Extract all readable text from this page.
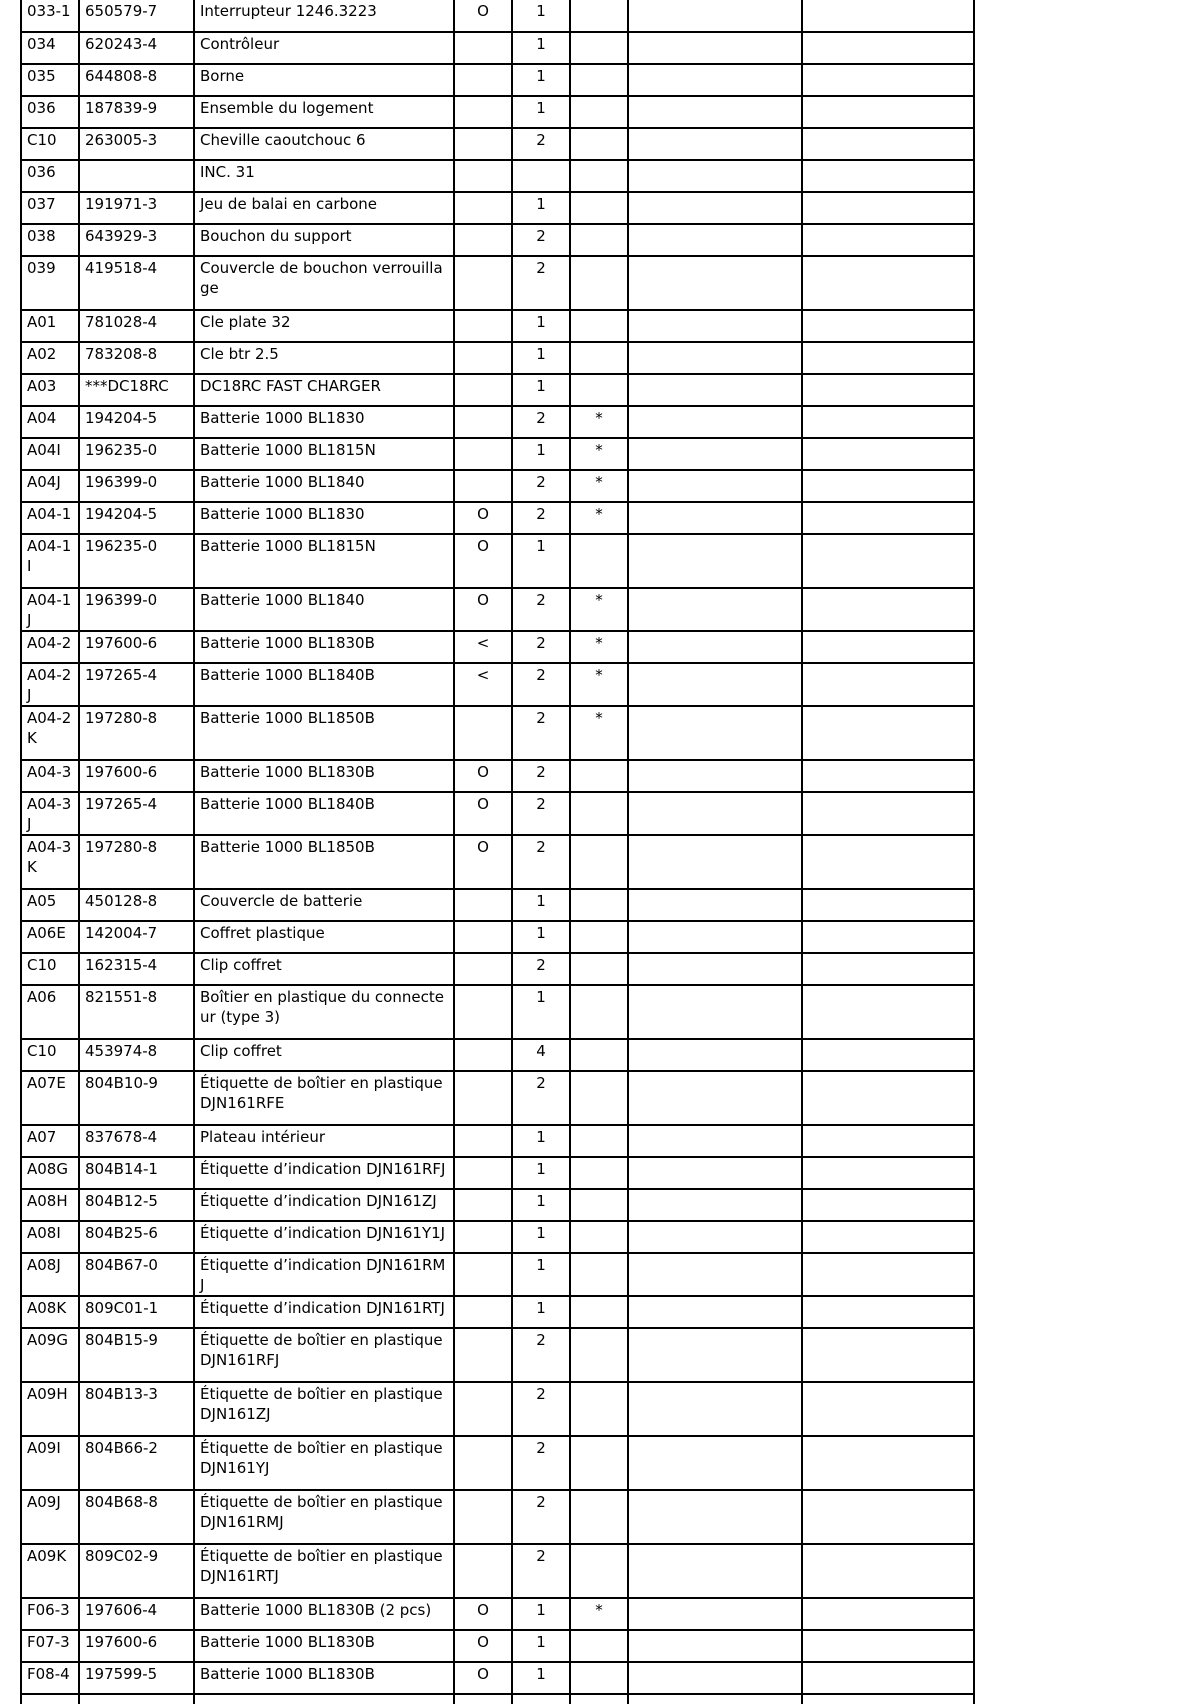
033-1	650579-7	Interrupteur 1246.3223	O	1			
034	620243-4	Contrôleur		1			
035	644808-8	Borne		1			
036	187839-9	Ensemble du logement		1			
C10	263005-3	Cheville caoutchouc 6		2			
036		INC. 31					
037	191971-3	Jeu de balai en carbone		1			
038	643929-3	Bouchon du support		2			
039	419518-4	Couvercle de bouchon verrouillage		2			
A01	781028-4	Cle plate 32		1			
A02	783208-8	Cle btr 2.5		1			
A03	***DC18RC	DC18RC FAST CHARGER		1			
A04	194204-5	Batterie 1000 BL1830		2	*		
A04I	196235-0	Batterie 1000 BL1815N		1	*		
A04J	196399-0	Batterie 1000 BL1840		2	*		
A04-1	194204-5	Batterie 1000 BL1830	O	2	*		
A04-1I	196235-0	Batterie 1000 BL1815N	O	1			
A04-1J	196399-0	Batterie 1000 BL1840	O	2	*		
A04-2	197600-6	Batterie 1000 BL1830B	<	2	*		
A04-2J	197265-4	Batterie 1000 BL1840B	<	2	*		
A04-2K	197280-8	Batterie 1000 BL1850B		2	*		
A04-3	197600-6	Batterie 1000 BL1830B	O	2			
A04-3J	197265-4	Batterie 1000 BL1840B	O	2			
A04-3K	197280-8	Batterie 1000 BL1850B	O	2			
A05	450128-8	Couvercle de batterie		1			
A06E	142004-7	Coffret plastique		1			
C10	162315-4	Clip coffret		2			
A06	821551-8	Boîtier en plastique du connecteur (type 3)		1			
C10	453974-8	Clip coffret		4			
A07E	804B10-9	Étiquette de boîtier en plastique DJN161RFE		2			
A07	837678-4	Plateau intérieur		1			
A08G	804B14-1	Étiquette d’indication DJN161RFJ		1			
A08H	804B12-5	Étiquette d’indication DJN161ZJ		1			
A08I	804B25-6	Étiquette d’indication DJN161Y1J		1			
A08J	804B67-0	Étiquette d’indication DJN161RMJ		1			
A08K	809C01-1	Étiquette d’indication DJN161RTJ		1			
A09G	804B15-9	Étiquette de boîtier en plastique DJN161RFJ		2			
A09H	804B13-3	Étiquette de boîtier en plastique DJN161ZJ		2			
A09I	804B66-2	Étiquette de boîtier en plastique DJN161YJ		2			
A09J	804B68-8	Étiquette de boîtier en plastique DJN161RMJ		2			
A09K	809C02-9	Étiquette de boîtier en plastique DJN161RTJ		2			
F06-3	197606-4	Batterie 1000 BL1830B (2 pcs)	O	1	*		
F07-3	197600-6	Batterie 1000 BL1830B	O	1			
F08-4	197599-5	Batterie 1000 BL1830B	O	1			
